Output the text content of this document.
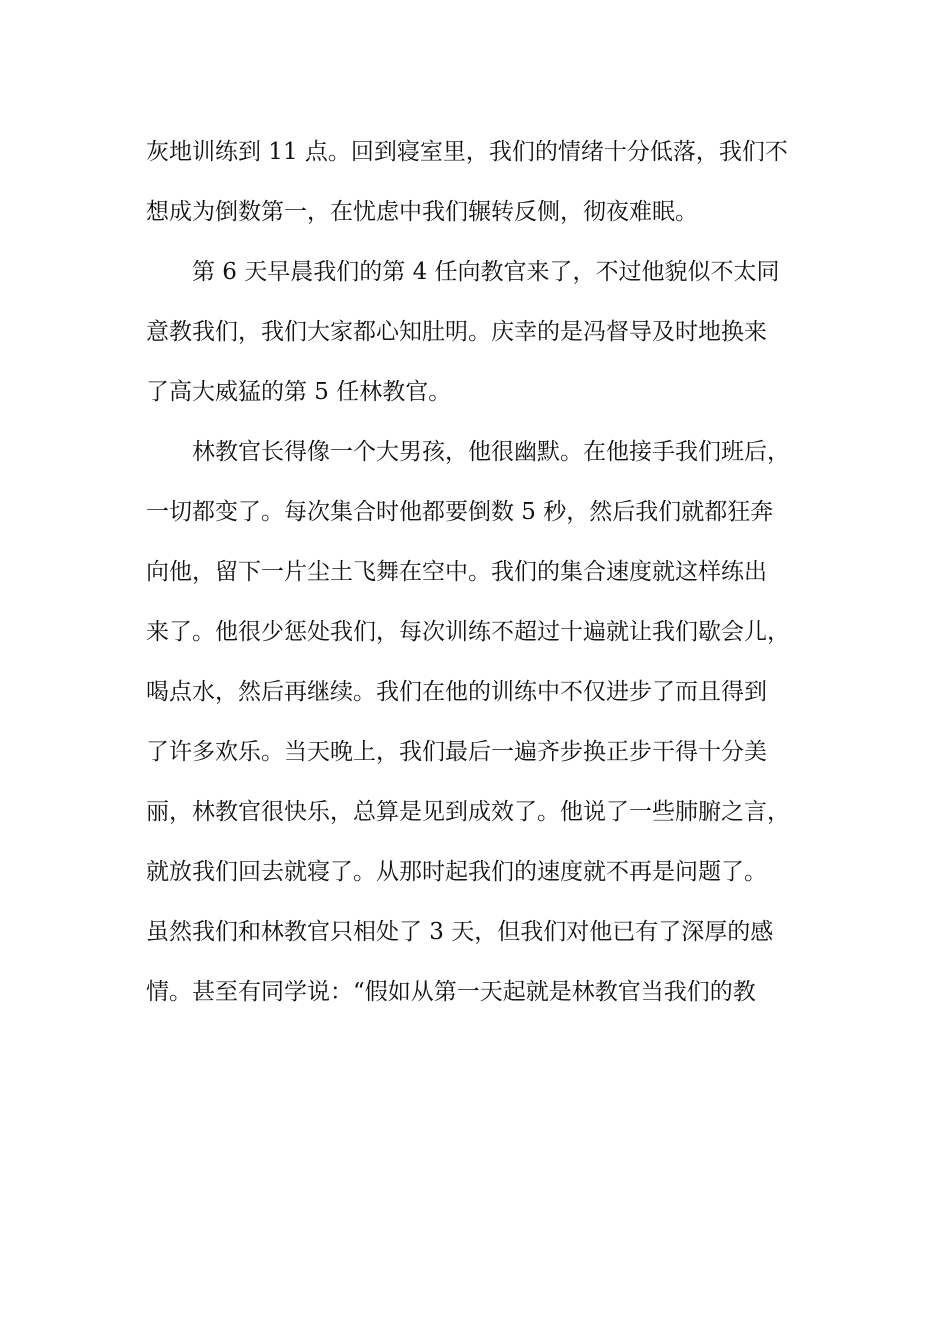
灰地训练到 11 点。回到寝室里，我们的情绪十分低落，我们不
想成为倒数第一，在忧虑中我们辗转反侧，彻夜难眠。
第 6 天早晨我们的第 4 任向教官来了，不过他貌似不太同
意教我们，我们大家都心知肚明。庆幸的是冯督导及时地换来
了高大威猛的第 5 任林教官。
林教官长得像一个大男孩，他很幽默。在他接手我们班后，
一切都变了。每次集合时他都要倒数 5 秒，然后我们就都狂奔
向他，留下一片尘土飞舞在空中。我们的集合速度就这样练出
来了。他很少惩处我们，每次训练不超过十遍就让我们歇会儿，
喝点水，然后再继续。我们在他的训练中不仅进步了而且得到
了许多欢乐。当天晚上，我们最后一遍齐步换正步干得十分美
丽，林教官很快乐，总算是见到成效了。他说了一些肺腑之言，
就放我们回去就寝了。从那时起我们的速度就不再是问题了。
虽然我们和林教官只相处了 3 天，但我们对他已有了深厚的感
情。甚至有同学说：“假如从第一天起就是林教官当我们的教
